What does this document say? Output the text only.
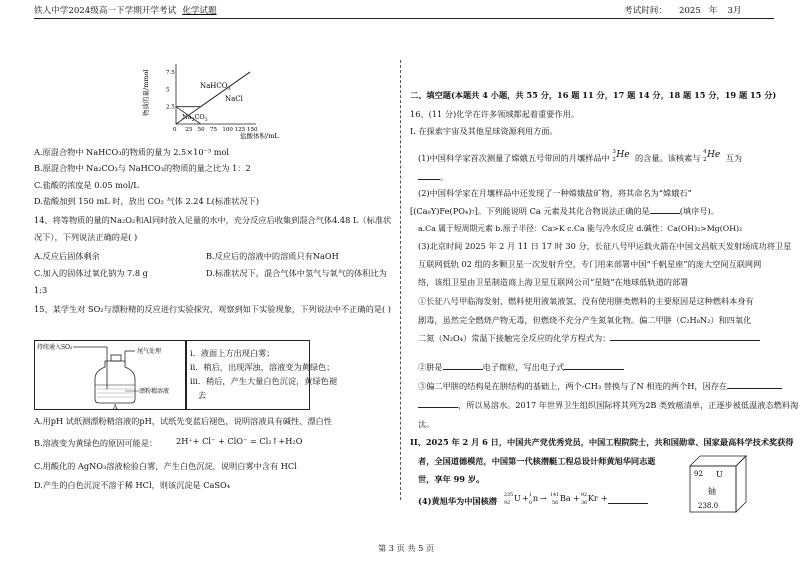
铁人中学2024级高一下学期开学考试 化学试题	考试时间： 2025 年 3月
物质的量/mmol
0 25 50 75 100 125 150
2.5
5
7.5
盐酸体积/mL
NaHCO$_3$
NaCl
$Na_2CO_3$
A.原混合物中 NaHCO₃的物质的量为 2.5×10⁻³ mol
B.原混合物中 Na₂CO₃与 NaHCO₃的物质的量之比为 1：2
C.盐酸的浓度是 0.05 mol/L
D.盐酸加到 150 mL 时，放出 CO₂ 气体 2.24 L(标准状况下)
14、将等物质的量的Na₂O₂和Al同时放入足量的水中，充分反应后收集到混合气体4.48 L（标准状
况下），下列说法正确的是( )
A.反应后固体剩余	B.反应后的溶液中的溶质只有NaOH
C.加入的固体过氧化钠为 7.8 g	D.标准状况下，混合气体中氢气与氧气的体积比为
1:3
15、某学生对 SO₂与漂粉精的反应进行实验探究，观察到如下实验现象，下列说法中不正确的是( )
持续通入SO₂
尾气处理
漂粉精溶液
A
ⅰ．液面上方出现白雾；
ⅱ．稍后，出现浑浊，溶液变为黄绿色；
ⅲ．稍后，产生大量白色沉淀，黄绿色褪
去
A.用pH 试纸测漂粉精溶液的pH，试纸先变蓝后褪色，说明溶液具有碱性、漂白性
B.溶液变为黄绿色的原因可能是： 2H⁺+ Cl⁻ + ClO⁻ = Cl₂↑+H₂O
C.用酸化的 AgNO₃溶液检验白雾，产生白色沉淀，说明白雾中含有 HCl
D.产生的白色沉淀不溶于稀 HCl，则该沉淀是 CaSO₄
二、填空题(本题共 4 小题，共 55 分，16 题 11 分，17 题 14 分，18 题 15 分，19 题 15 分)
16、(11 分)化学在许多领域都起着重要作用。
I. 在探索宇宙及其他星球资源利用方面。
(1)中国科学家首次测量了嫦娥五号带回的月壤样品中
3
2 He 的含量。该核素与
4
2 He 互为
。
(2)中国科学家在月壤样品中还发现了一种嫦娥盐矿物，将其命名为“嫦娥石”
[(Ca₈Y)Fe(PO₄)₇]。下列能说明 Ca 元素及其化合物说法正确的是	(填序号)。
a.Ca 属于短周期元素 b.原子半径：Ca>K c.Ca 能与冷水反应 d.碱性：Ca(OH)₂>Mg(OH)₂
(3)北京时间 2025 年 2 月 11 日 17 时 30 分，长征八号甲运载火箭在中国文昌航天发射场成功将卫星
互联网低轨 02 组的多颗卫星一次发射升空，专门用来部署中国“千帆星座”的庞大空间互联网网
络，该组卫星由卫星制造商上海卫星互联网公司“星链”在地球低轨道的部署
①长征八号甲临海发射，燃料使用液氧液氢，没有使用肼类燃料的主要原因是这种燃料本身有
剧毒，虽然完全燃烧产物无毒，但燃烧不充分产生氮氧化物。偏二甲肼（C₂H₈N₂）和四氧化
二氮（N₂O₄）常温下接触完全反应的化学方程式为：
②肼是	电子微粒，写出电子式
③偏二甲肼的结构是在肼结构的基础上，两个-CH₃ 替换与了N 相连的两个H，因存在
，所以易溶水。2017 年世界卫生组织国际将其列为2B 类致癌清单，正逐步被低温液态燃料淘
汰。
II、2025 年 2 月 6 日，中国共产党优秀党员，中国工程院院士，共和国勋章、国家最高科学技术奖获得
者，全国道德模范，中国第一代核潜艇工程总设计师黄旭华同志逝
世，享年 99 岁。
(4)黄旭华为中国核潜
235
92 U + 1
0 n → 141
56 Ba + 92
36 Kr +
92 U
铀
238.0
第 3 页 共 5 页
